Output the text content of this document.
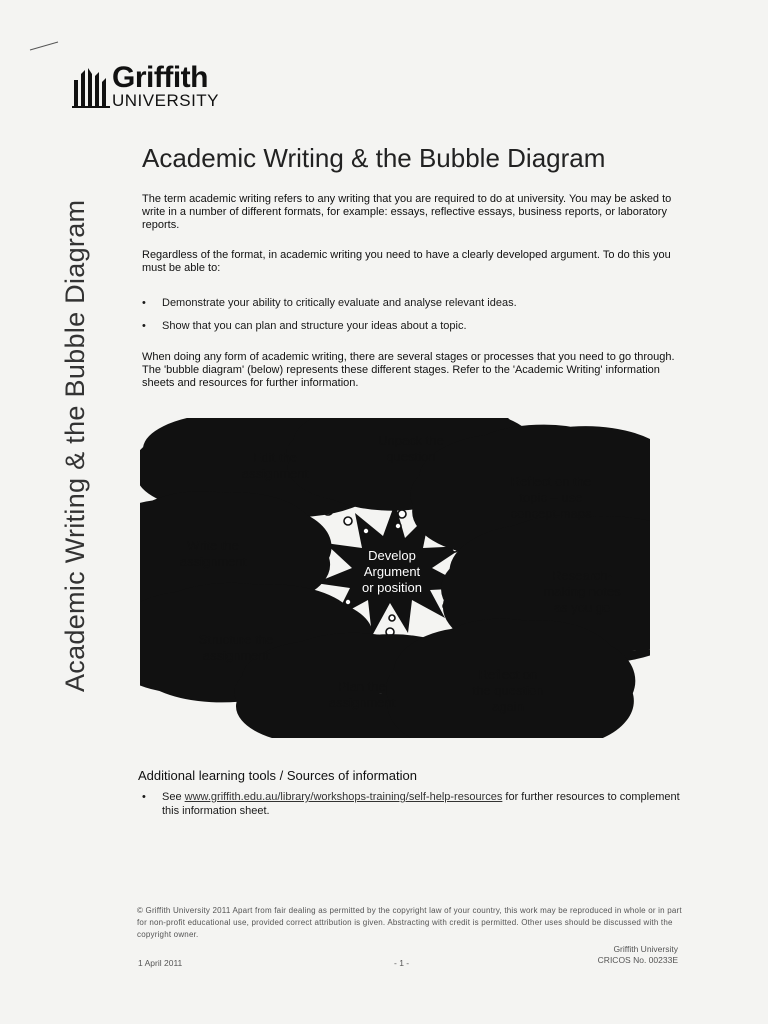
Griffith
UNIVERSITY
Academic Writing & the Bubble Diagram
Academic Writing & the Bubble Diagram
The term academic writing refers to any writing that you are required to do at university. You may be asked to write in a number of different formats, for example: essays, reflective essays, business reports, or laboratory reports.
Regardless of the format, in academic writing you need to have a clearly developed argument. To do this you must be able to:
• Demonstrate your ability to critically evaluate and analyse relevant ideas.
• Show that you can plan and structure your ideas about a topic.
When doing any form of academic writing, there are several stages or processes that you need to go through. The 'bubble diagram' (below) represents these different stages. Refer to the 'Academic Writing' information sheets and resources for further information.
Develop
Argument
or position
Edit the
assignment
Unpack the
question
Reflect on the
topic – use
concept maps
Write the
assignment
Research-
making notes
as you go
Structure the
assignment
Plan the
assignment
Reflect on
the question
again
Additional learning tools / Sources of information
• See www.griffith.edu.au/library/workshops-training/self-help-resources for further resources to complement this information sheet.
© Griffith University 2011 Apart from fair dealing as permitted by the copyright law of your country, this work may be reproduced in whole or in part for non-profit educational use, provided correct attribution is given. Abstracting with credit is permitted. Other uses should be discussed with the copyright owner.
Griffith University
CRICOS No. 00233E
1 April 2011	- 1 -
